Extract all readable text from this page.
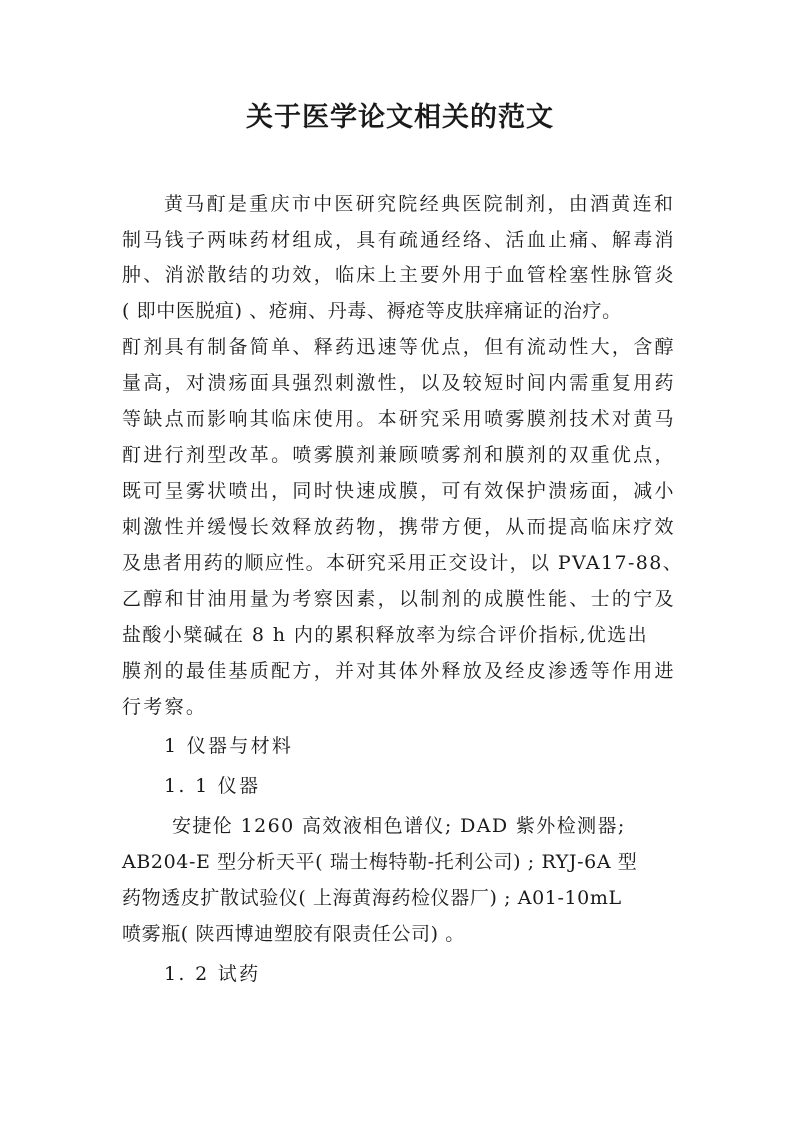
关于医学论文相关的范文

黄马酊是重庆市中医研究院经典医院制剂，由酒黄连和

制马钱子两味药材组成，具有疏通经络、活血止痛、解毒消

肿、消淤散结的功效，临床上主要外用于血管栓塞性脉管炎

( 即中医脱疽) 、疮痈、丹毒、褥疮等皮肤痒痛证的治疗。

酊剂具有制备简单、释药迅速等优点，但有流动性大，含醇

量高，对溃疡面具强烈刺激性，以及较短时间内需重复用药

等缺点而影响其临床使用。本研究采用喷雾膜剂技术对黄马

酊进行剂型改革。喷雾膜剂兼顾喷雾剂和膜剂的双重优点，

既可呈雾状喷出，同时快速成膜，可有效保护溃疡面，减小

刺激性并缓慢长效释放药物，携带方便，从而提高临床疗效

及患者用药的顺应性。本研究采用正交设计，以 PVA17-88、

乙醇和甘油用量为考察因素，以制剂的成膜性能、士的宁及

盐酸小檗碱在 8 h 内的累积释放率为综合评价指标,优选出

膜剂的最佳基质配方，并对其体外释放及经皮渗透等作用进

行考察。

1 仪器与材料

1. 1 仪器

安捷伦 1260 高效液相色谱仪; DAD 紫外检测器;

AB204-E 型分析天平( 瑞士梅特勒-托利公司) ; RYJ-6A 型

药物透皮扩散试验仪( 上海黄海药检仪器厂) ; A01-10mL

喷雾瓶( 陕西博迪塑胶有限责任公司) 。

1. 2 试药
